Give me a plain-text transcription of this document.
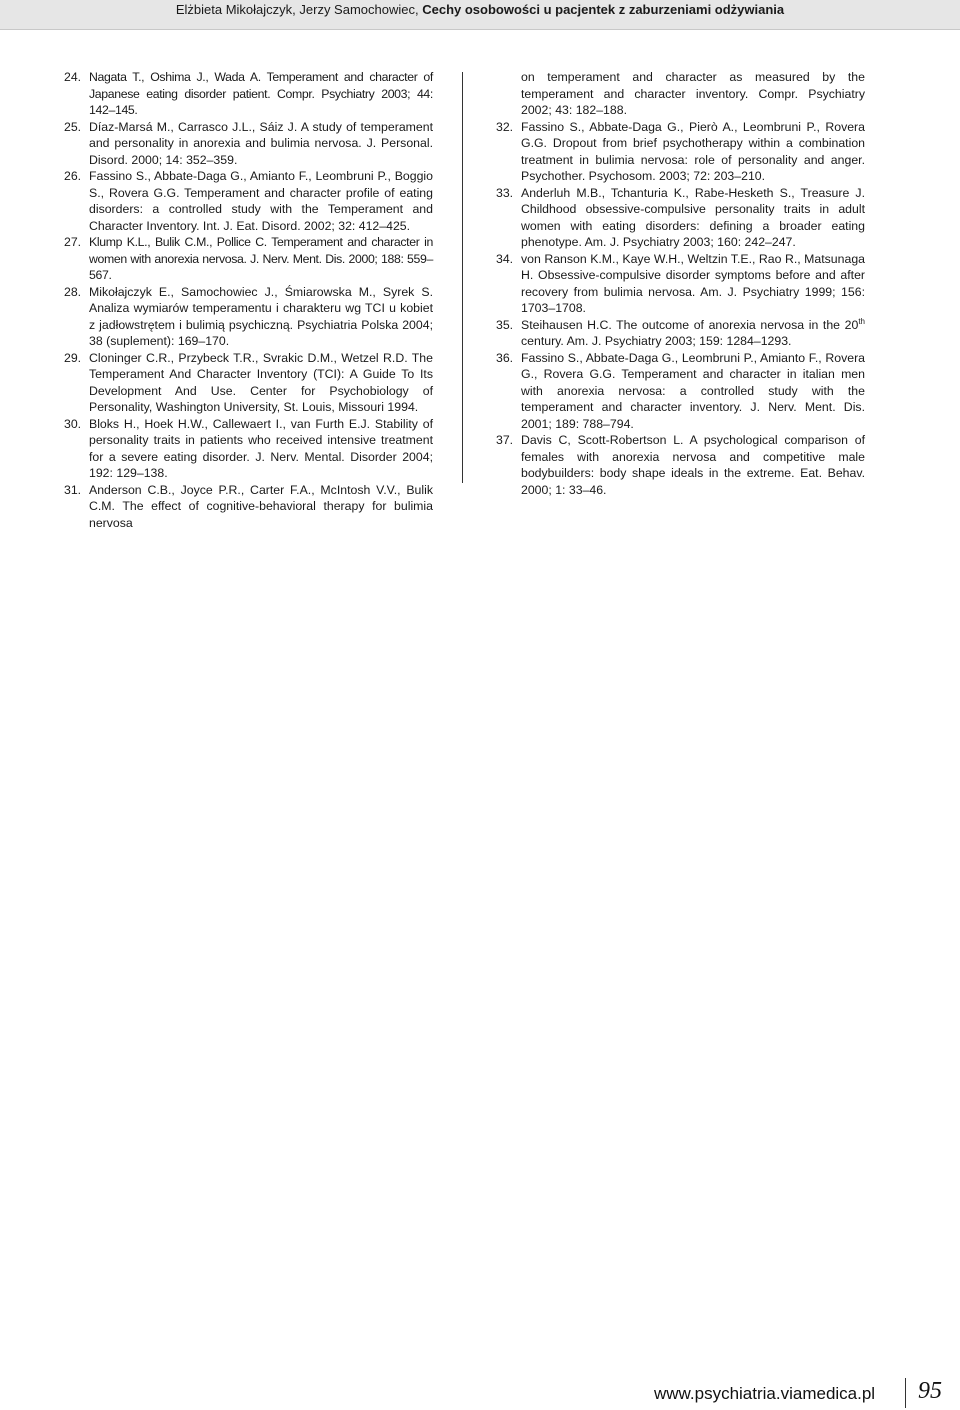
Elżbieta Mikołajczyk, Jerzy Samochowiec, Cechy osobowości u pacjentek z zaburzeniami odżywiania
24. Nagata T., Oshima J., Wada A. Temperament and character of Japanese eating disorder patient. Compr. Psychiatry 2003; 44: 142–145.
25. Díaz-Marsá M., Carrasco J.L., Sáiz J. A study of temperament and personality in anorexia and bulimia nervosa. J. Personal. Disord. 2000; 14: 352–359.
26. Fassino S., Abbate-Daga G., Amianto F., Leombruni P., Boggio S., Rovera G.G. Temperament and character profile of eating disorders: a controlled study with the Temperament and Character Inventory. Int. J. Eat. Disord. 2002; 32: 412–425.
27. Klump K.L., Bulik C.M., Pollice C. Temperament and character in women with anorexia nervosa. J. Nerv. Ment. Dis. 2000; 188: 559–567.
28. Mikołajczyk E., Samochowiec J., Śmiarowska M., Syrek S. Analiza wymiarów temperamentu i charakteru wg TCI u kobiet z jadłowstrętem i bulimią psychiczną. Psychiatria Polska 2004; 38 (suplement): 169–170.
29. Cloninger C.R., Przybeck T.R., Svrakic D.M., Wetzel R.D. The Temperament And Character Inventory (TCI): A Guide To Its Development And Use. Center for Psychobiology of Personality, Washington University, St. Louis, Missouri 1994.
30. Bloks H., Hoek H.W., Callewaert I., van Furth E.J. Stability of personality traits in patients who received intensive treatment for a severe eating disorder. J. Nerv. Mental. Disorder 2004; 192: 129–138.
31. Anderson C.B., Joyce P.R., Carter F.A., McIntosh V.V., Bulik C.M. The effect of cognitive-behavioral therapy for bulimia nervosa
on temperament and character as measured by the temperament and character inventory. Compr. Psychiatry 2002; 43: 182–188.
32. Fassino S., Abbate-Daga G., Pierò A., Leombruni P., Rovera G.G. Dropout from brief psychotherapy within a combination treatment in bulimia nervosa: role of personality and anger. Psychother. Psychosom. 2003; 72: 203–210.
33. Anderluh M.B., Tchanturia K., Rabe-Hesketh S., Treasure J. Childhood obsessive-compulsive personality traits in adult women with eating disorders: defining a broader eating phenotype. Am. J. Psychiatry 2003; 160: 242–247.
34. von Ranson K.M., Kaye W.H., Weltzin T.E., Rao R., Matsunaga H. Obsessive-compulsive disorder symptoms before and after recovery from bulimia nervosa. Am. J. Psychiatry 1999; 156: 1703–1708.
35. Steihausen H.C. The outcome of anorexia nervosa in the 20th century. Am. J. Psychiatry 2003; 159: 1284–1293.
36. Fassino S., Abbate-Daga G., Leombruni P., Amianto F., Rovera G., Rovera G.G. Temperament and character in italian men with anorexia nervosa: a controlled study with the temperament and character inventory. J. Nerv. Ment. Dis. 2001; 189: 788–794.
37. Davis C, Scott-Robertson L. A psychological comparison of females with anorexia nervosa and competitive male bodybuilders: body shape ideals in the extreme. Eat. Behav. 2000; 1: 33–46.
www.psychiatria.viamedica.pl 95
